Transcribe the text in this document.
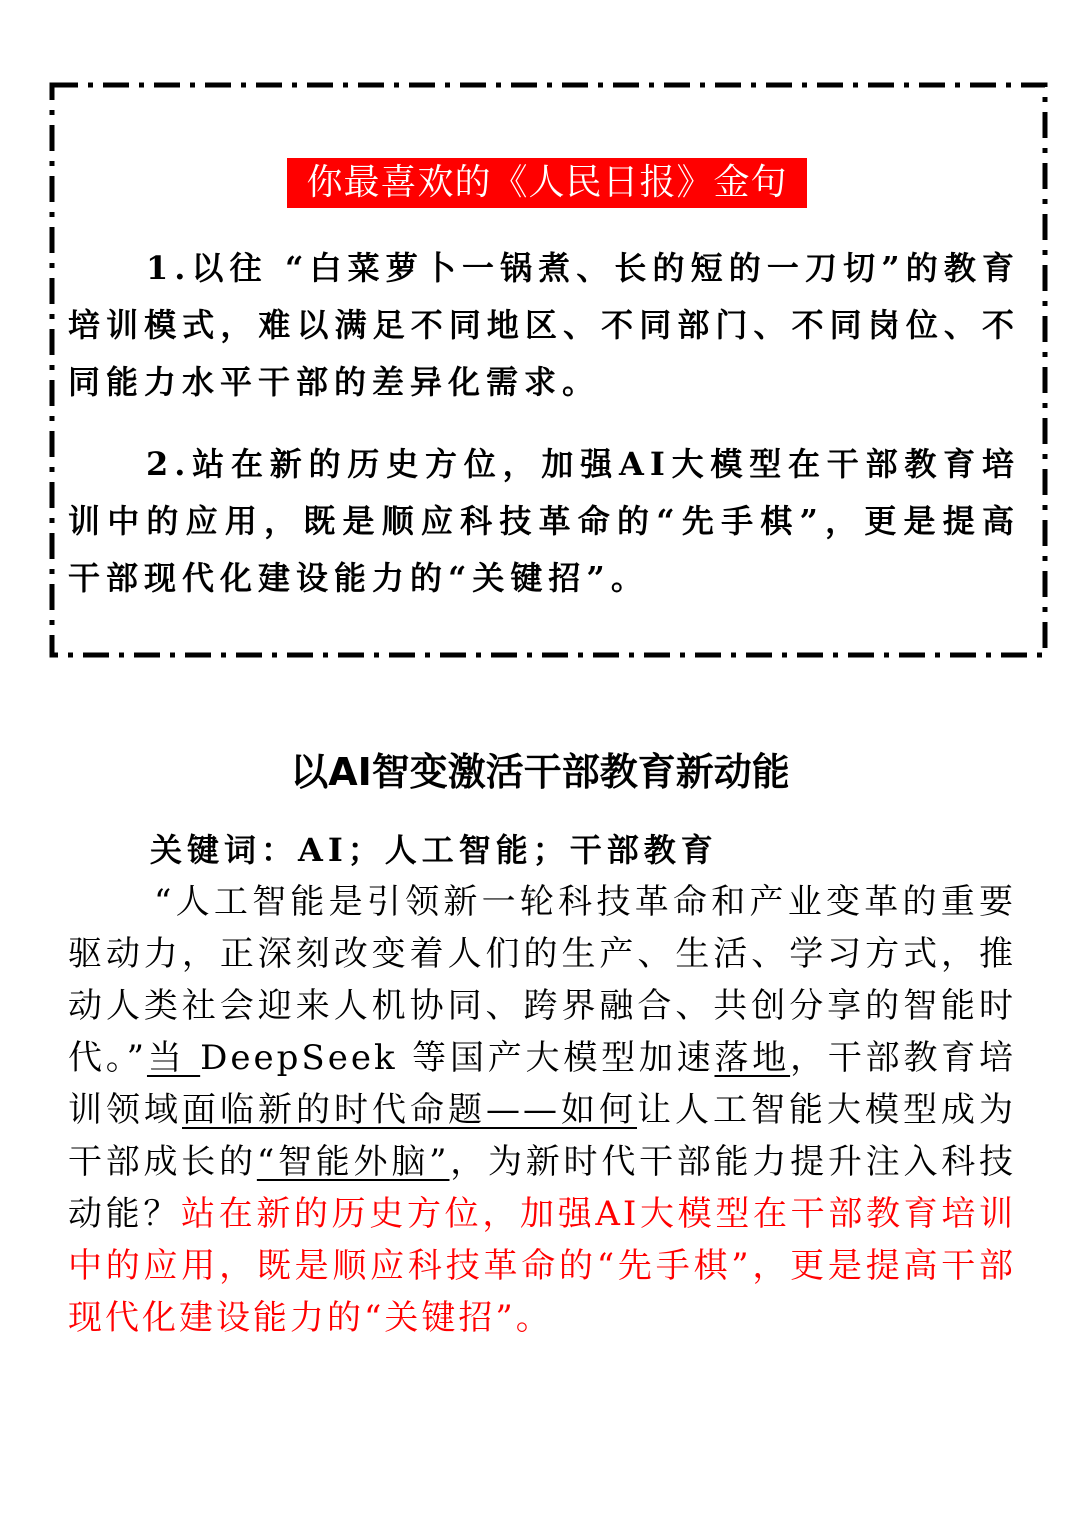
你最喜欢的《人民日报》金句

1.以往 “白菜萝卜一锅煮、长的短的一刀切”的教育培训模式，难以满足不同地区、不同部门、不同岗位、不同能力水平干部的差异化需求。

2.站在新的历史方位，加强AI大模型在干部教育培训中的应用，既是顺应科技革命的“先手棋”，更是提高干部现代化建设能力的“关键招”。

以AI智变激活干部教育新动能

关键词：AI；人工智能；干部教育

“人工智能是引领新一轮科技革命和产业变革的重要驱动力，正深刻改变着人们的生产、生活、学习方式，推动人类社会迎来人机协同、跨界融合、共创分享的智能时代。”当 DeepSeek 等国产大模型加速落地，干部教育培训领域面临新的时代命题——如何让人工智能大模型成为干部成长的“智能外脑”，为新时代干部能力提升注入科技动能？站在新的历史方位，加强AI大模型在干部教育培训中的应用，既是顺应科技革命的“先手棋”，更是提高干部现代化建设能力的“关键招”。
